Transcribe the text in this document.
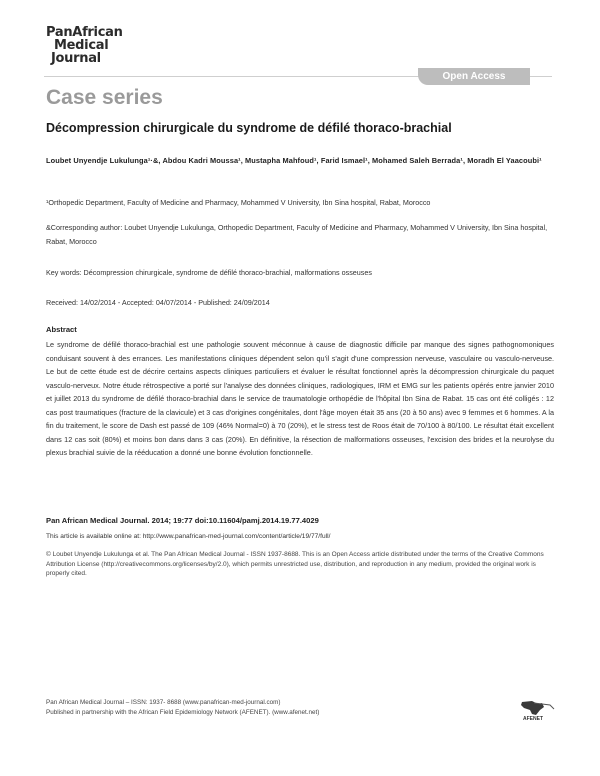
PanAfrican
Medical
Journal
Open Access
Case series
Décompression chirurgicale du syndrome de défilé thoraco-brachial
Loubet Unyendje Lukulunga¹·&, Abdou Kadri Moussa¹, Mustapha Mahfoud¹, Farid Ismael¹, Mohamed Saleh Berrada¹, Moradh El Yaacoubi¹
¹Orthopedic Department, Faculty of Medicine and Pharmacy, Mohammed V University, Ibn Sina hospital, Rabat, Morocco
&Corresponding author: Loubet Unyendje Lukulunga, Orthopedic Department, Faculty of Medicine and Pharmacy, Mohammed V University, Ibn Sina hospital, Rabat, Morocco
Key words: Décompression chirurgicale, syndrome de défilé thoraco-brachial, malformations osseuses
Received: 14/02/2014 - Accepted: 04/07/2014 - Published: 24/09/2014
Abstract
Le syndrome de défilé thoraco-brachial est une pathologie souvent méconnue à cause de diagnostic difficile par manque des signes pathognomoniques conduisant souvent à des errances. Les manifestations cliniques dépendent selon qu'il s'agit d'une compression nerveuse, vasculaire ou vasculo-nerveuse. Le but de cette étude est de décrire certains aspects cliniques particuliers et évaluer le résultat fonctionnel après la décompression chirurgicale du paquet vasculo-nerveux. Notre étude rétrospective a porté sur l'analyse des données cliniques, radiologiques, IRM et EMG sur les patients opérés entre janvier 2010 et juillet 2013 du syndrome de défilé thoraco-brachial dans le service de traumatologie orthopédie de l'hôpital Ibn Sina de Rabat. 15 cas ont été colligés : 12 cas post traumatiques (fracture de la clavicule) et 3 cas d'origines congénitales, dont l'âge moyen était 35 ans (20 à 50 ans) avec 9 femmes et 6 hommes. A la fin du traitement, le score de Dash est passé de 109 (46% Normal=0) à 70 (20%), et le stress test de Roos était de 70/100 à 80/100. Le résultat était excellent dans 12 cas soit (80%) et moins bon dans dans 3 cas (20%). En définitive, la résection de malformations osseuses, l'excision des brides et la neurolyse du plexus brachial suivie de la rééducation a donné une bonne évolution fonctionnelle.
Pan African Medical Journal. 2014; 19:77 doi:10.11604/pamj.2014.19.77.4029
This article is available online at: http://www.panafrican-med-journal.com/content/article/19/77/full/
© Loubet Unyendje Lukulunga et al. The Pan African Medical Journal - ISSN 1937-8688. This is an Open Access article distributed under the terms of the Creative Commons Attribution License (http://creativecommons.org/licenses/by/2.0), which permits unrestricted use, distribution, and reproduction in any medium, provided the original work is properly cited.
Pan African Medical Journal – ISSN: 1937- 8688 (www.panafrican-med-journal.com)
Published in partnership with the African Field Epidemiology Network (AFENET). (www.afenet.net)
AFENET
